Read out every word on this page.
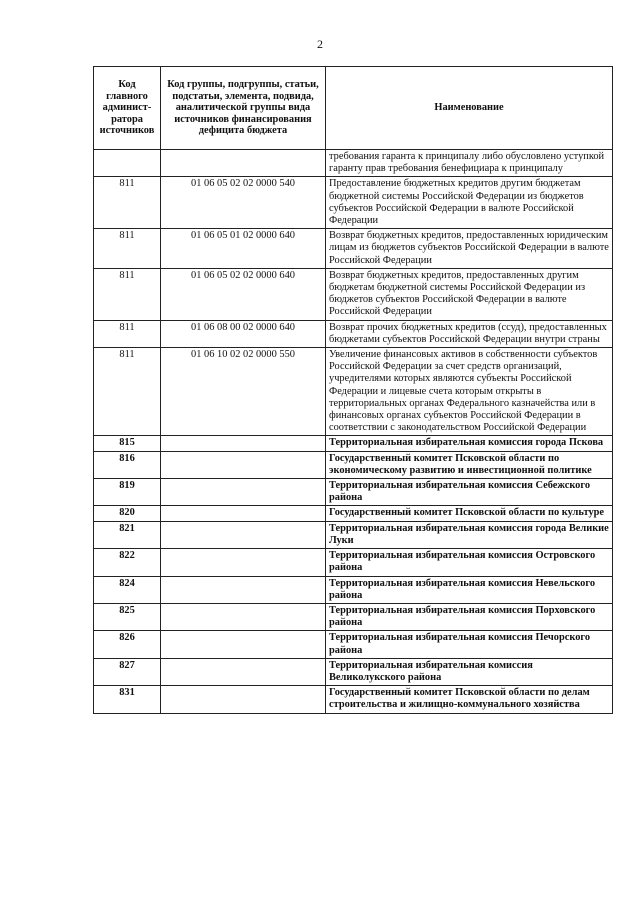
2
Код главного админист-ратора источников	Код группы, подгруппы, статьи, подстатьи, элемента, подвида, аналитической группы вида источников финансирования дефицита бюджета	Наименование
		требования гаранта к принципалу либо обусловлено уступкой гаранту прав требования бенефициара к принципалу
811	01 06 05 02 02 0000 540	Предоставление бюджетных кредитов другим бюджетам бюджетной системы Российской Федерации из бюджетов субъектов Российской Федерации в валюте Российской Федерации
811	01 06 05 01 02 0000 640	Возврат бюджетных кредитов, предоставленных юридическим лицам из бюджетов субъектов Российской Федерации в валюте Российской Федерации
811	01 06 05 02 02 0000 640	Возврат бюджетных кредитов, предоставленных другим бюджетам бюджетной системы Российской Федерации из бюджетов субъектов Российской Федерации в валюте Российской Федерации
811	01 06 08 00 02 0000 640	Возврат прочих бюджетных кредитов (ссуд), предоставленных бюджетами субъектов Российской Федерации внутри страны
811	01 06 10 02 02 0000 550	Увеличение финансовых активов в собственности субъектов Российской Федерации за счет средств организаций, учредителями которых являются субъекты Российской Федерации и лицевые счета которым открыты в территориальных органах Федерального казначейства или в финансовых органах субъектов Российской Федерации в соответствии с законодательством Российской Федерации
815		Территориальная избирательная комиссия города Пскова
816		Государственный комитет Псковской области по экономическому развитию и инвестиционной политике
819		Территориальная избирательная комиссия Себежского района
820		Государственный комитет Псковской области по культуре
821		Территориальная избирательная комиссия города Великие Луки
822		Территориальная избирательная комиссия Островского района
824		Территориальная избирательная комиссия Невельского района
825		Территориальная избирательная комиссия Порховского района
826		Территориальная избирательная комиссия Печорского района
827		Территориальная избирательная комиссия Великолукского района
831		Государственный комитет Псковской области по делам строительства и жилищно-коммунального хозяйства
